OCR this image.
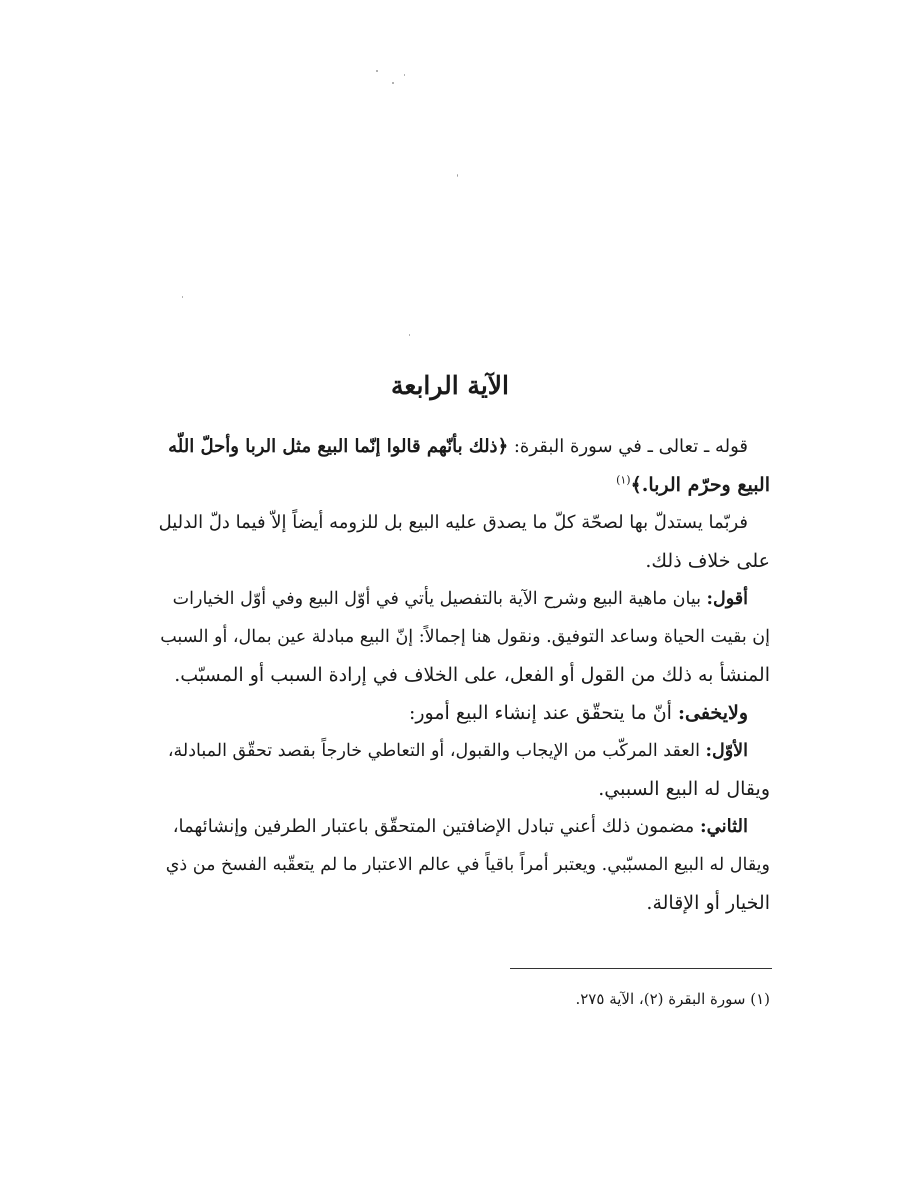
الآية الرابعة
قوله ـ تعالى ـ في سورة البقرة: ﴿ذلك بأنّهم قالوا إنّما البيع مثل الربا وأحلّ اللّه
البيع وحرّم الربا.﴾$^{(١)}$
فربّما يستدلّ بها لصحّة كلّ ما يصدق عليه البيع بل للزومه أيضاً إلاّ فيما دلّ الدليل
على خلاف ذلك.
أقول: بيان ماهية البيع وشرح الآية بالتفصيل يأتي في أوّل البيع وفي أوّل الخيارات
إن بقيت الحياة وساعد التوفيق. ونقول هنا إجمالاً: إنّ البيع مبادلة عين بمال، أو السبب
المنشأ به ذلك من القول أو الفعل، على الخلاف في إرادة السبب أو المسبّب.
ولايخفى: أنّ ما يتحقّق عند إنشاء البيع أمور:
الأوّل: العقد المركّب من الإيجاب والقبول، أو التعاطي خارجاً بقصد تحقّق المبادلة،
ويقال له البيع السببي.
الثاني: مضمون ذلك أعني تبادل الإضافتين المتحقّق باعتبار الطرفين وإنشائهما،
ويقال له البيع المسبّبي. ويعتبر أمراً باقياً في عالم الاعتبار ما لم يتعقّبه الفسخ من ذي
الخيار أو الإقالة.
(١) سورة البقرة (٢)، الآية ٢٧٥.
